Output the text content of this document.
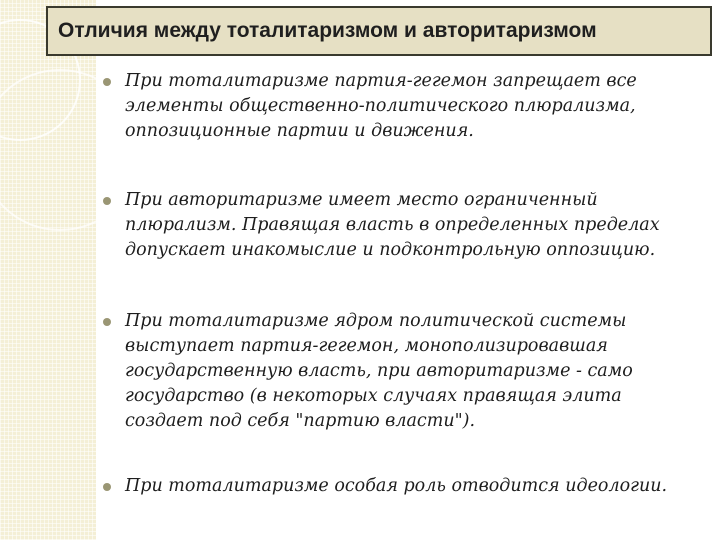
Отличия между тоталитаризмом и авторитаризмом
При тоталитаризме партия-гегемон запрещает все элементы общественно-политического плюрализма, оппозиционные партии и движения.
При авторитаризме имеет место ограниченный плюрализм. Правящая власть в определенных пределах допускает инакомыслие и подконтрольную оппозицию.
При тоталитаризме ядром политической системы выступает партия-гегемон, монополизировавшая государственную власть, при авторитаризме - само государство (в некоторых случаях правящая элита создает под себя "партию власти").
При тоталитаризме особая роль отводится идеологии.
